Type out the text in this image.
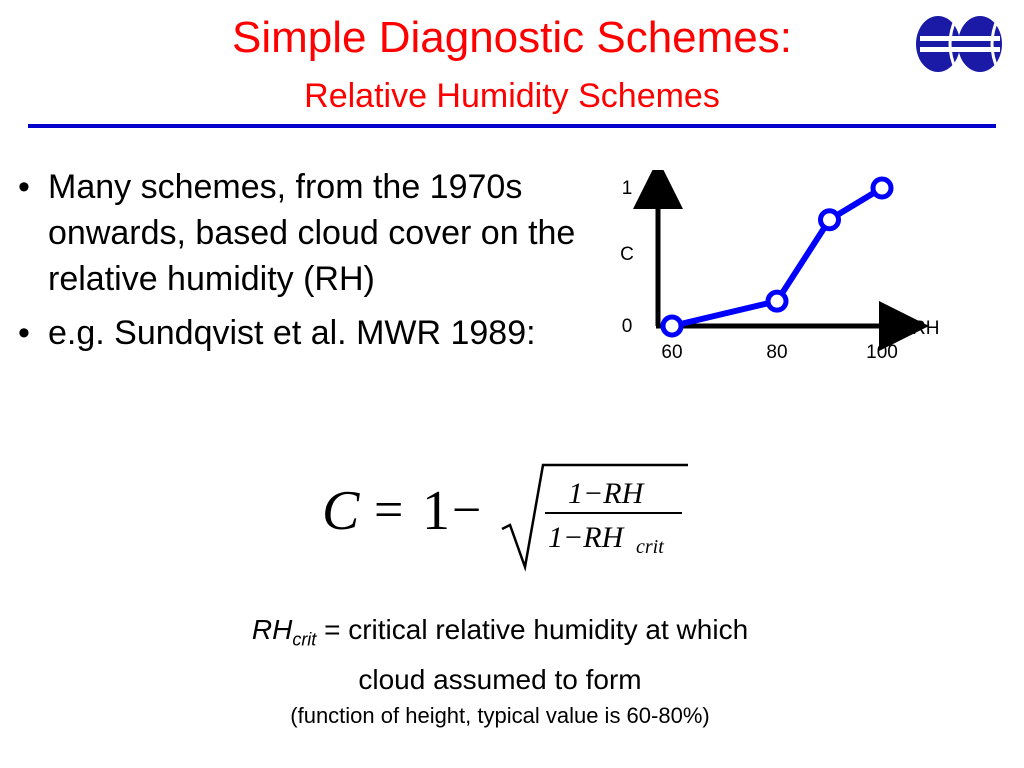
Simple Diagnostic Schemes:
Relative Humidity Schemes
• Many schemes, from the 1970s onwards, based cloud cover on the relative humidity (RH)
• e.g. Sundqvist et al. MWR 1989:
C
RH
0
1
60	80	100
C = 1 −	1−RH
1−RH crit
$RH_{crit}$ = critical relative humidity at which
cloud assumed to form
(function of height, typical value is 60-80%)
